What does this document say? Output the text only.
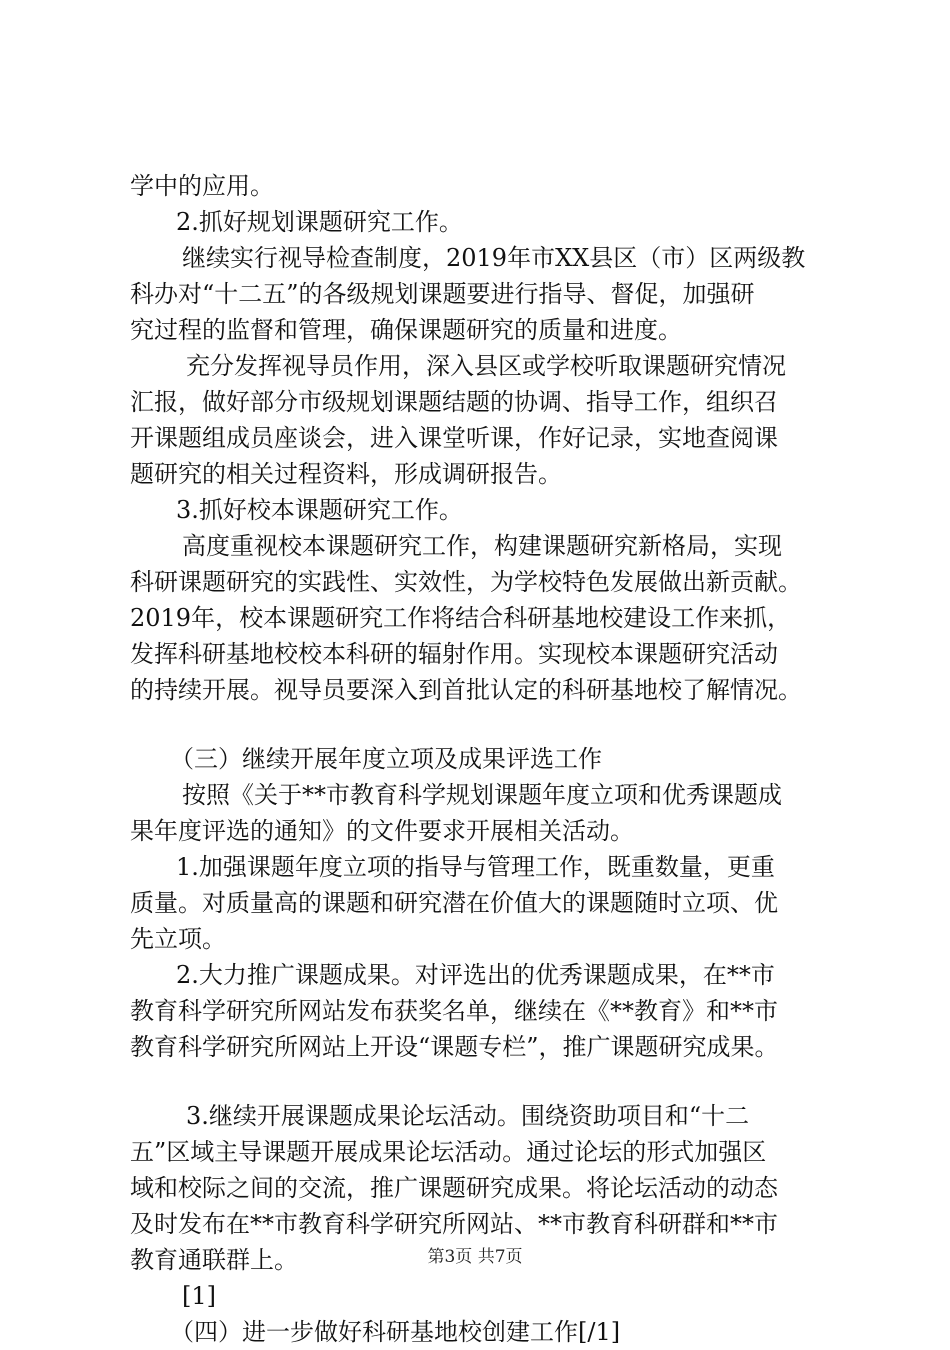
学中的应用。
2.抓好规划课题研究工作。
继续实行视导检查制度，2019年市XX县区（市）区两级教
科办对“十二五”的各级规划课题要进行指导、督促，加强研
究过程的监督和管理，确保课题研究的质量和进度。
充分发挥视导员作用，深入县区或学校听取课题研究情况
汇报，做好部分市级规划课题结题的协调、指导工作，组织召
开课题组成员座谈会，进入课堂听课，作好记录，实地查阅课
题研究的相关过程资料，形成调研报告。
3.抓好校本课题研究工作。
高度重视校本课题研究工作，构建课题研究新格局，实现
科研课题研究的实践性、实效性，为学校特色发展做出新贡献。
2019年，校本课题研究工作将结合科研基地校建设工作来抓，
发挥科研基地校校本科研的辐射作用。实现校本课题研究活动
的持续开展。视导员要深入到首批认定的科研基地校了解情况。
（三）继续开展年度立项及成果评选工作
按照《关于**市教育科学规划课题年度立项和优秀课题成
果年度评选的通知》的文件要求开展相关活动。
1.加强课题年度立项的指导与管理工作，既重数量，更重
质量。对质量高的课题和研究潜在价值大的课题随时立项、优
先立项。
2.大力推广课题成果。对评选出的优秀课题成果，在**市
教育科学研究所网站发布获奖名单，继续在《**教育》和**市
教育科学研究所网站上开设“课题专栏”，推广课题研究成果。
3.继续开展课题成果论坛活动。围绕资助项目和“十二
五”区域主导课题开展成果论坛活动。通过论坛的形式加强区
域和校际之间的交流，推广课题研究成果。将论坛活动的动态
及时发布在**市教育科学研究所网站、**市教育科研群和**市
教育通联群上。
[1]
（四）进一步做好科研基地校创建工作[/1]
第3页 共7页
